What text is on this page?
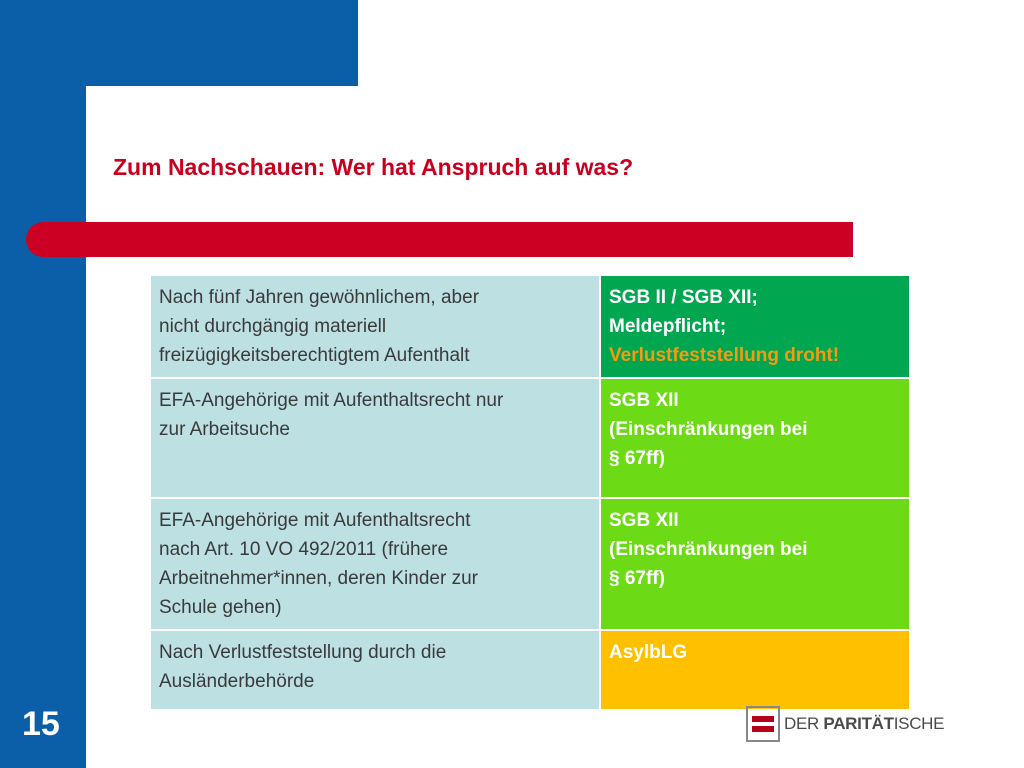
Zum Nachschauen: Wer hat Anspruch auf was?
Nach fünf Jahren gewöhnlichem, aber
nicht durchgängig materiell
freizügigkeitsberechtigtem Aufenthalt	SGB II / SGB XII;
Meldepflicht;
Verlustfeststellung droht!

EFA-Angehörige mit Aufenthaltsrecht nur
zur Arbeitsuche	SGB XII
(Einschränkungen bei
§ 67ff)

EFA-Angehörige mit Aufenthaltsrecht
nach Art. 10 VO 492/2011 (frühere
Arbeitnehmer*innen, deren Kinder zur
Schule gehen)	SGB XII
(Einschränkungen bei
§ 67ff)

Nach Verlustfeststellung durch die
Ausländerbehörde	AsylbLG
15	DER PARITÄTISCHE
